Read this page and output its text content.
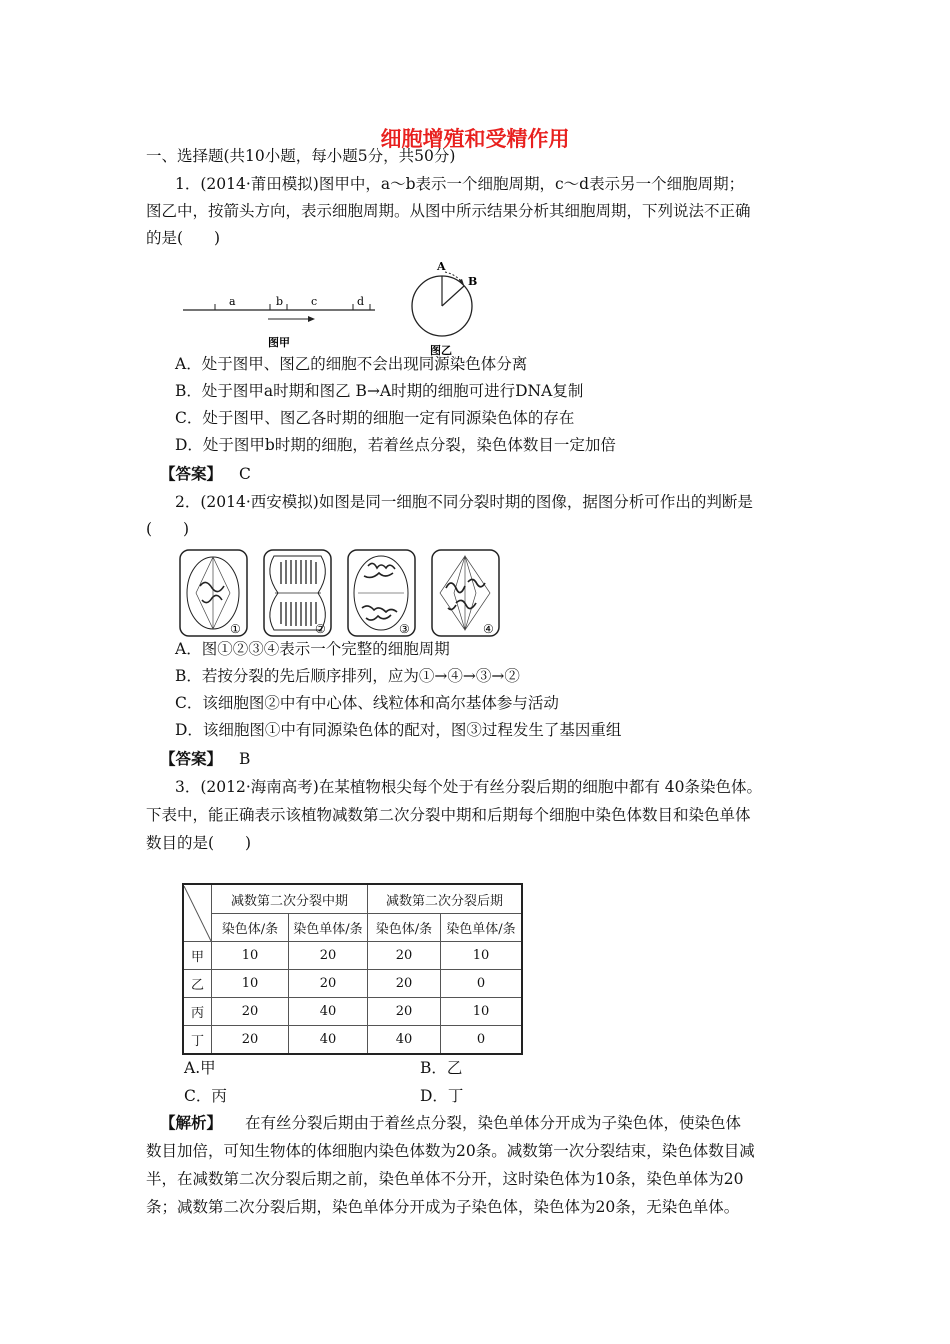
细胞增殖和受精作用
一、选择题(共10小题，每小题5分，共50分)
1．(2014·莆田模拟)图甲中，a～b表示一个细胞周期，c～d表示另一个细胞周期；
图乙中，按箭头方向，表示细胞周期。从图中所示结果分析其细胞周期，下列说法不正确
的是(　　)
a	b	c	d
图甲
A
B
图乙
A．处于图甲、图乙的细胞不会出现同源染色体分离
B．处于图甲a时期和图乙 B→A时期的细胞可进行DNA复制
C．处于图甲、图乙各时期的细胞一定有同源染色体的存在
D．处于图甲b时期的细胞，若着丝点分裂，染色体数目一定加倍
【答案】 C
2．(2014·西安模拟)如图是同一细胞不同分裂时期的图像，据图分析可作出的判断是
(　　)
①	②	③	④
A．图①②③④表示一个完整的细胞周期
B．若按分裂的先后顺序排列，应为①→④→③→②
C．该细胞图②中有中心体、线粒体和高尔基体参与活动
D．该细胞图①中有同源染色体的配对，图③过程发生了基因重组
【答案】 B
3．(2012·海南高考)在某植物根尖每个处于有丝分裂后期的细胞中都有 40条染色体。
下表中，能正确表示该植物减数第二次分裂中期和后期每个细胞中染色体数目和染色单体
数目的是(　　)
	减数第二次分裂中期		减数第二次分裂后期	
	染色体/条	染色单体/条	染色体/条	染色单体/条
甲	10	20	20	10
乙	10	20	20	0
丙	20	40	20	10
丁	20	40	40	0
A.甲	B．乙
C．丙	D．丁
【解析】 在有丝分裂后期由于着丝点分裂，染色单体分开成为子染色体，使染色体
数目加倍，可知生物体的体细胞内染色体数为20条。减数第一次分裂结束，染色体数目减
半，在减数第二次分裂后期之前，染色单体不分开，这时染色体为10条，染色单体为20
条；减数第二次分裂后期，染色单体分开成为子染色体，染色体为20条，无染色单体。
